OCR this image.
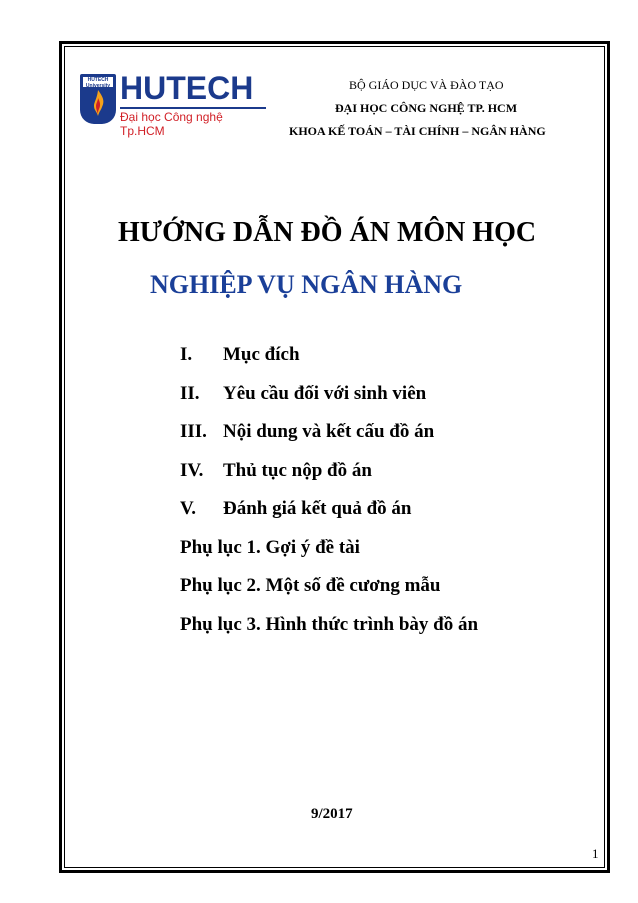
HUTECH University HUTECH
Đại học Công nghệ Tp.HCM
BỘ GIÁO DỤC VÀ ĐÀO TẠO
ĐẠI HỌC CÔNG NGHỆ TP. HCM
KHOA KẾ TOÁN – TÀI CHÍNH – NGÂN HÀNG
HƯỚNG DẪN ĐỒ ÁN MÔN HỌC
NGHIỆP VỤ NGÂN HÀNG
I.	Mục đích
II.	Yêu cầu đối với sinh viên
III. Nội dung và kết cấu đồ án
IV.	Thủ tục nộp đồ án
V.	Đánh giá kết quả đồ án
Phụ lục 1. Gợi ý đề tài
Phụ lục 2. Một số đề cương mẫu
Phụ lục 3. Hình thức trình bày đồ án
9/2017
1
